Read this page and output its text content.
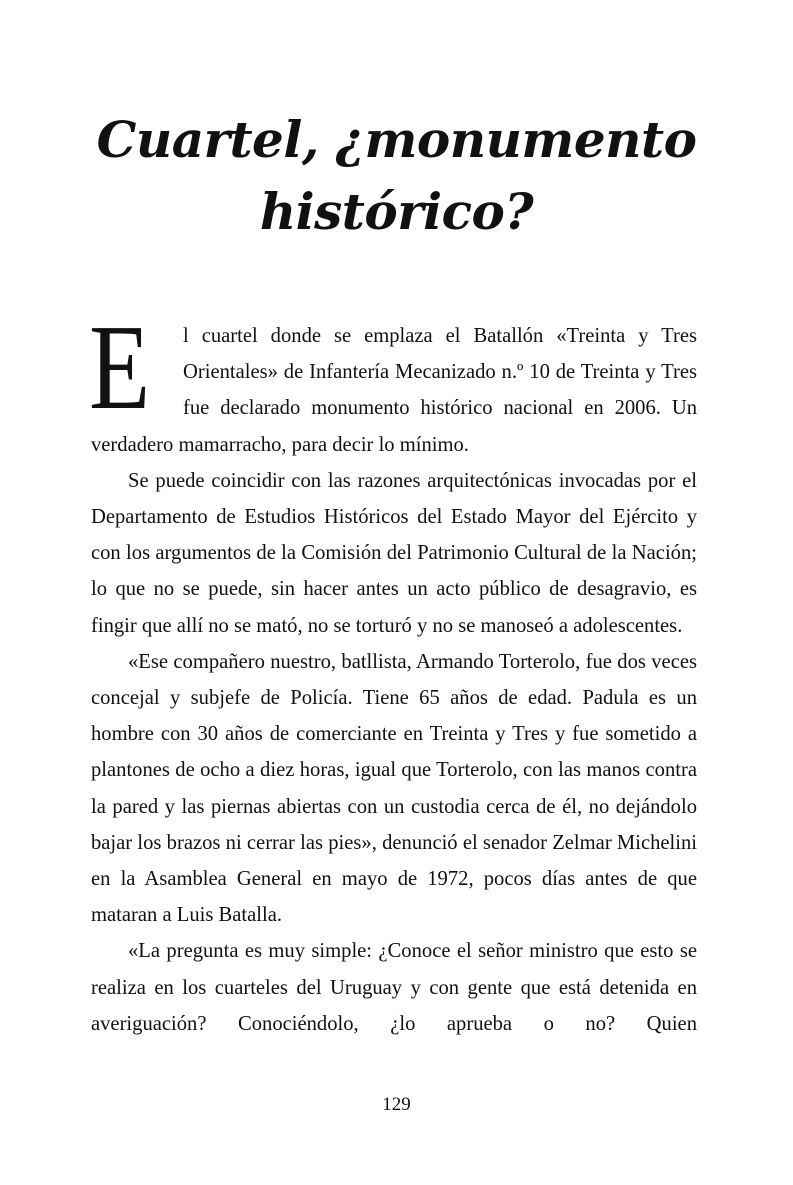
Cuartel, ¿monumento
histórico?

E l cuartel donde se emplaza el Batallón «Treinta y Tres Orientales» de Infantería Mecanizado n.º 10 de Treinta y Tres fue declarado monumento histórico nacional en 2006. Un verdadero mamarracho, para decir lo mínimo.

Se puede coincidir con las razones arquitectónicas invocadas por el Departamento de Estudios Históricos del Estado Mayor del Ejército y con los argumentos de la Comisión del Patrimonio Cultural de la Nación; lo que no se puede, sin hacer antes un acto público de desagravio, es fingir que allí no se mató, no se torturó y no se manoseó a adolescentes.

«Ese compañero nuestro, batllista, Armando Torterolo, fue dos veces concejal y subjefe de Policía. Tiene 65 años de edad. Padula es un hombre con 30 años de comerciante en Treinta y Tres y fue sometido a plantones de ocho a diez horas, igual que Torterolo, con las manos contra la pared y las piernas abiertas con un custodia cerca de él, no dejándolo bajar los brazos ni cerrar las pies», denunció el senador Zelmar Michelini en la Asamblea General en mayo de 1972, pocos días antes de que mataran a Luis Batalla.

«La pregunta es muy simple: ¿Conoce el señor ministro que esto se realiza en los cuarteles del Uruguay y con gente que está detenida en averiguación? Conociéndolo, ¿lo aprueba o no? Quien

129
